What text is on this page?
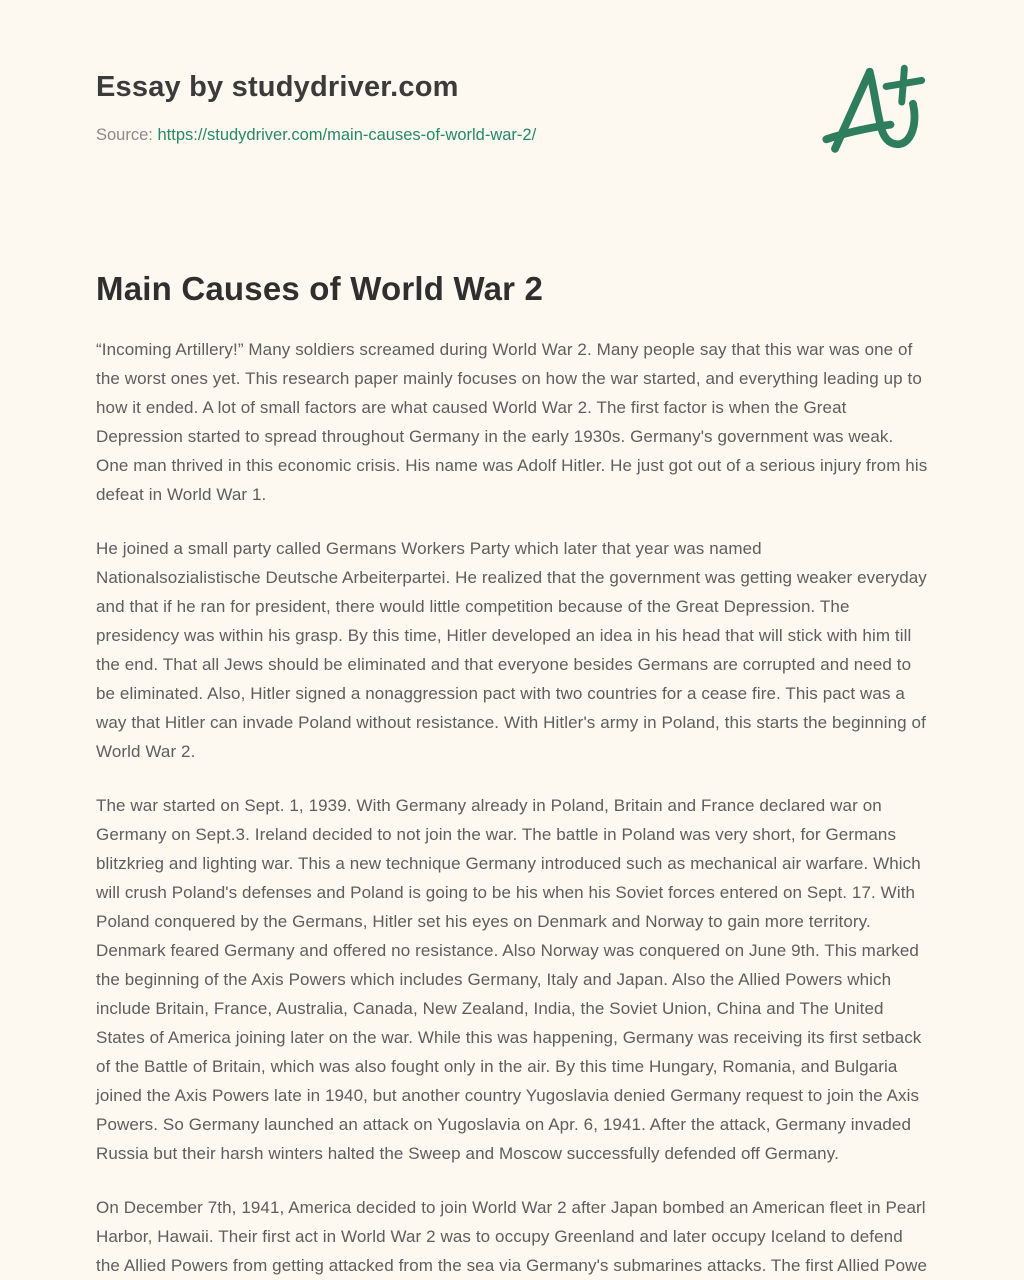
Essay by studydriver.com
Source: https://studydriver.com/main-causes-of-world-war-2/
Main Causes of World War 2

“Incoming Artillery!” Many soldiers screamed during World War 2. Many people say that this war was one of the worst ones yet. This research paper mainly focuses on how the war started, and everything leading up to how it ended. A lot of small factors are what caused World War 2. The first factor is when the Great Depression started to spread throughout Germany in the early 1930s. Germany's government was weak. One man thrived in this economic crisis. His name was Adolf Hitler. He just got out of a serious injury from his defeat in World War 1.

He joined a small party called Germans Workers Party which later that year was named Nationalsozialistische Deutsche Arbeiterpartei. He realized that the government was getting weaker everyday and that if he ran for president, there would little competition because of the Great Depression. The presidency was within his grasp. By this time, Hitler developed an idea in his head that will stick with him till the end. That all Jews should be eliminated and that everyone besides Germans are corrupted and need to be eliminated. Also, Hitler signed a nonaggression pact with two countries for a cease fire. This pact was a way that Hitler can invade Poland without resistance. With Hitler's army in Poland, this starts the beginning of World War 2.

The war started on Sept. 1, 1939. With Germany already in Poland, Britain and France declared war on Germany on Sept.3. Ireland decided to not join the war. The battle in Poland was very short, for Germans blitzkrieg and lighting war. This a new technique Germany introduced such as mechanical air warfare. Which will crush Poland's defenses and Poland is going to be his when his Soviet forces entered on Sept. 17. With Poland conquered by the Germans, Hitler set his eyes on Denmark and Norway to gain more territory. Denmark feared Germany and offered no resistance. Also Norway was conquered on June 9th. This marked the beginning of the Axis Powers which includes Germany, Italy and Japan. Also the Allied Powers which include Britain, France, Australia, Canada, New Zealand, India, the Soviet Union, China and The United States of America joining later on the war. While this was happening, Germany was receiving its first setback of the Battle of Britain, which was also fought only in the air. By this time Hungary, Romania, and Bulgaria joined the Axis Powers late in 1940, but another country Yugoslavia denied Germany request to join the Axis Powers. So Germany launched an attack on Yugoslavia on Apr. 6, 1941. After the attack, Germany invaded Russia but their harsh winters halted the Sweep and Moscow successfully defended off Germany.

On December 7th, 1941, America decided to join World War 2 after Japan bombed an American fleet in Pearl Harbor, Hawaii. Their first act in World War 2 was to occupy Greenland and later occupy Iceland to defend the Allied Powers from getting attacked from the sea via Germany's submarines attacks. The first Allied Powe
